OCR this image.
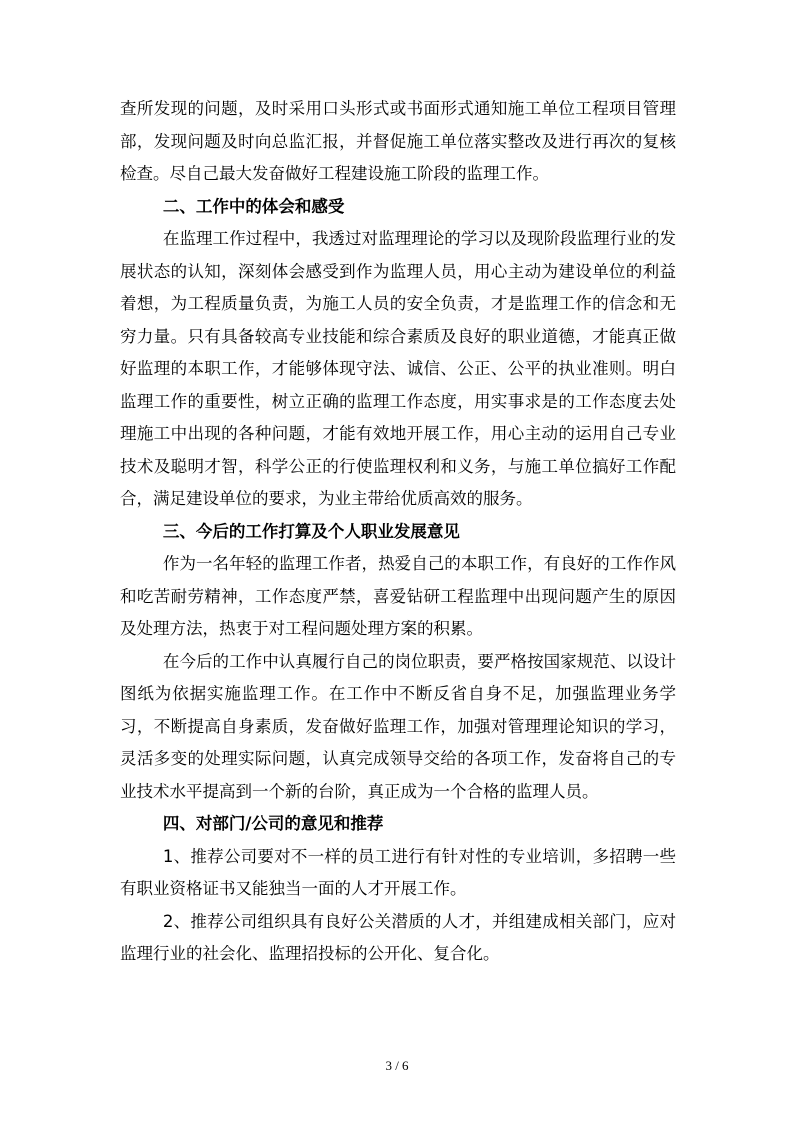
查所发现的问题，及时采用口头形式或书面形式通知施工单位工程项目管理部，发现问题及时向总监汇报，并督促施工单位落实整改及进行再次的复核检查。尽自己最大发奋做好工程建设施工阶段的监理工作。

二、工作中的体会和感受

在监理工作过程中，我透过对监理理论的学习以及现阶段监理行业的发展状态的认知，深刻体会感受到作为监理人员，用心主动为建设单位的利益着想，为工程质量负责，为施工人员的安全负责，才是监理工作的信念和无穷力量。只有具备较高专业技能和综合素质及良好的职业道德，才能真正做好监理的本职工作，才能够体现守法、诚信、公正、公平的执业准则。明白监理工作的重要性，树立正确的监理工作态度，用实事求是的工作态度去处理施工中出现的各种问题，才能有效地开展工作，用心主动的运用自己专业技术及聪明才智，科学公正的行使监理权利和义务，与施工单位搞好工作配合，满足建设单位的要求，为业主带给优质高效的服务。

三、今后的工作打算及个人职业发展意见

作为一名年轻的监理工作者，热爱自己的本职工作，有良好的工作作风和吃苦耐劳精神，工作态度严禁，喜爱钻研工程监理中出现问题产生的原因及处理方法，热衷于对工程问题处理方案的积累。

在今后的工作中认真履行自己的岗位职责，要严格按国家规范、以设计图纸为依据实施监理工作。在工作中不断反省自身不足，加强监理业务学习，不断提高自身素质，发奋做好监理工作，加强对管理理论知识的学习，灵活多变的处理实际问题，认真完成领导交给的各项工作，发奋将自己的专业技术水平提高到一个新的台阶，真正成为一个合格的监理人员。

四、对部门/公司的意见和推荐

1、推荐公司要对不一样的员工进行有针对性的专业培训，多招聘一些有职业资格证书又能独当一面的人才开展工作。

2、推荐公司组织具有良好公关潜质的人才，并组建成相关部门，应对监理行业的社会化、监理招投标的公开化、复合化。

3 / 6
